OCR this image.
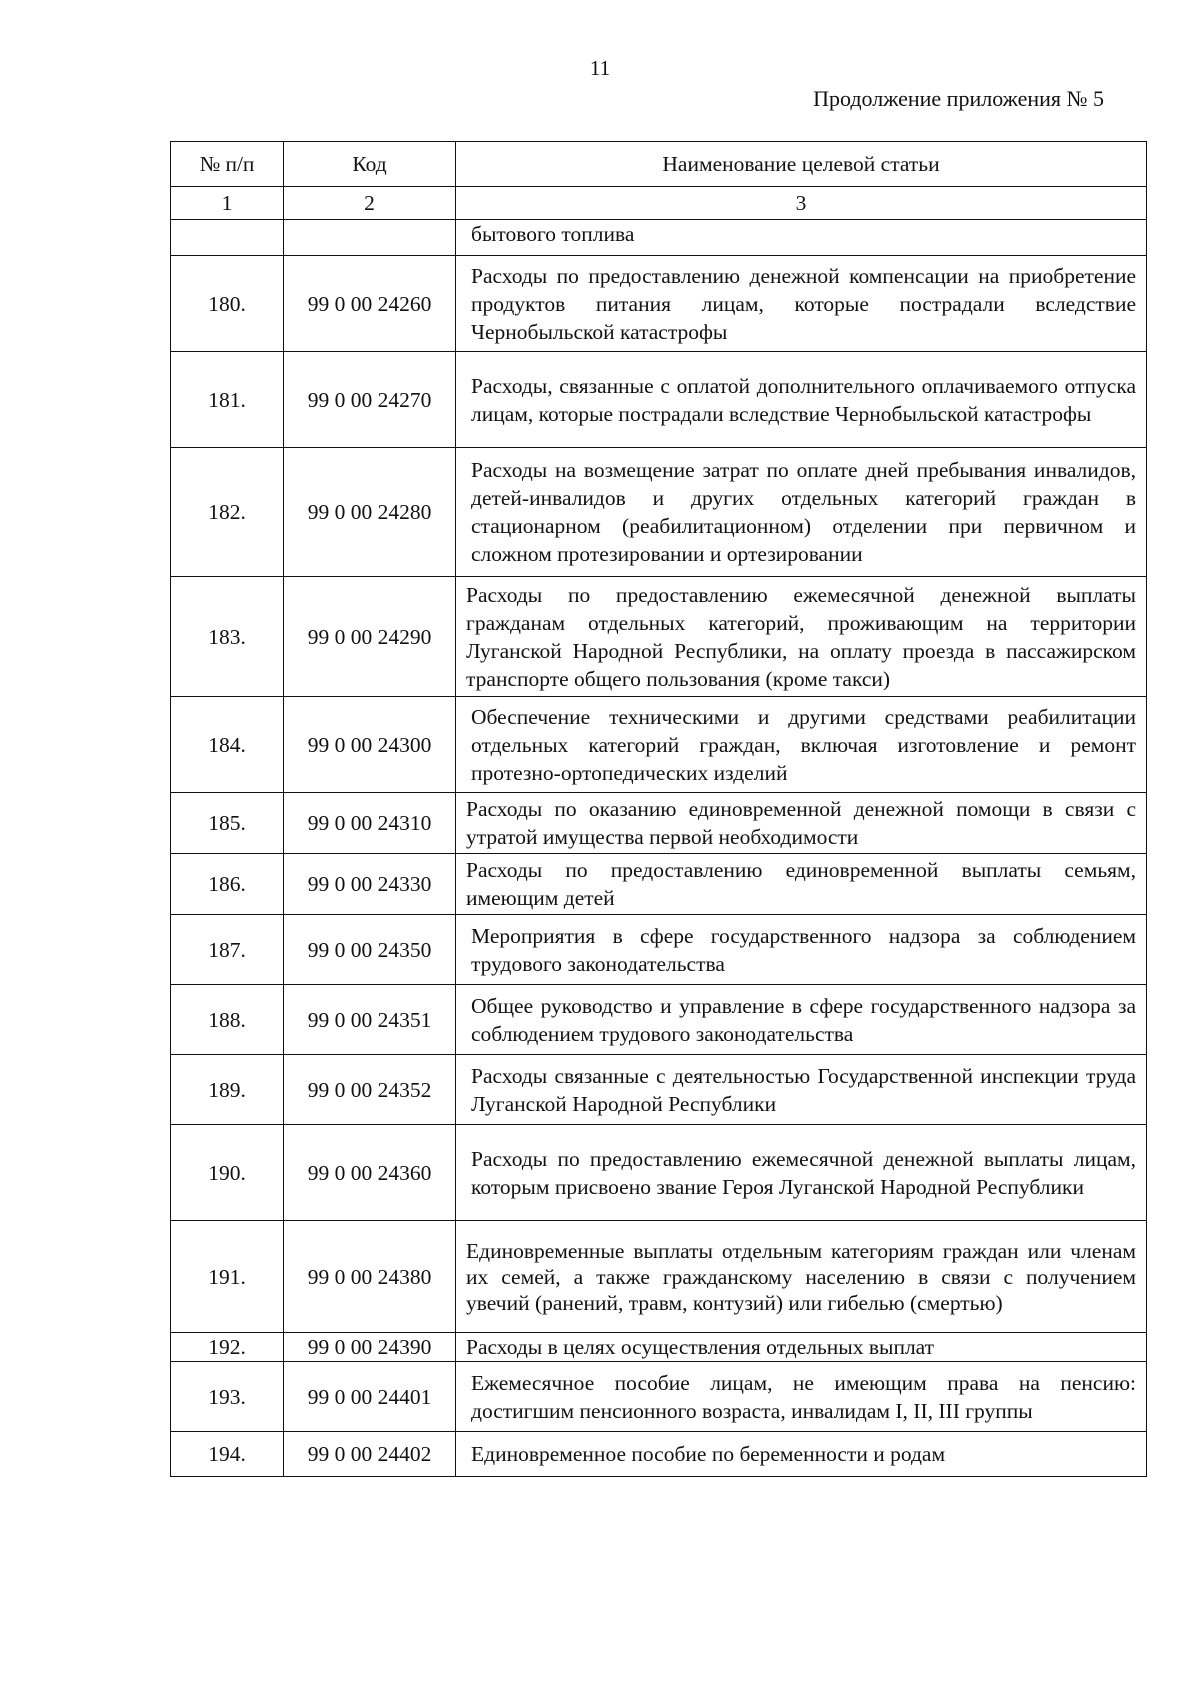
11
Продолжение приложения № 5
№ п/п	Код	Наименование целевой статьи
1	2	3
		бытового топлива
180.	99 0 00 24260	Расходы по предоставлению денежной компенсации на приобретение продуктов питания лицам, которые пострадали вследствие Чернобыльской катастрофы
181.	99 0 00 24270	Расходы, связанные с оплатой дополнительного оплачиваемого отпуска лицам, которые пострадали вследствие Чернобыльской катастрофы
182.	99 0 00 24280	Расходы на возмещение затрат по оплате дней пребывания инвалидов, детей-инвалидов и других отдельных категорий граждан в стационарном (реабилитационном) отделении при первичном и сложном протезировании и ортезировании
183.	99 0 00 24290	Расходы по предоставлению ежемесячной денежной выплаты гражданам отдельных категорий, проживающим на территории Луганской Народной Республики, на оплату проезда в пассажирском транспорте общего пользования (кроме такси)
184.	99 0 00 24300	Обеспечение техническими и другими средствами реабилитации отдельных категорий граждан, включая изготовление и ремонт протезно-ортопедических изделий
185.	99 0 00 24310	Расходы по оказанию единовременной денежной помощи в связи с утратой имущества первой необходимости
186.	99 0 00 24330	Расходы по предоставлению единовременной выплаты семьям, имеющим детей
187.	99 0 00 24350	Мероприятия в сфере государственного надзора за соблюдением трудового законодательства
188.	99 0 00 24351	Общее руководство и управление в сфере государственного надзора за соблюдением трудового законодательства
189.	99 0 00 24352	Расходы связанные с деятельностью Государственной инспекции труда Луганской Народной Республики
190.	99 0 00 24360	Расходы по предоставлению ежемесячной денежной выплаты лицам, которым присвоено звание Героя Луганской Народной Республики
191.	99 0 00 24380	Единовременные выплаты отдельным категориям граждан или членам их семей, а также гражданскому населению в связи с получением увечий (ранений, травм, контузий) или гибелью (смертью)
192.	99 0 00 24390	Расходы в целях осуществления отдельных выплат
193.	99 0 00 24401	Ежемесячное пособие лицам, не имеющим права на пенсию: достигшим пенсионного возраста, инвалидам I, II, III группы
194.	99 0 00 24402	Единовременное пособие по беременности и родам
